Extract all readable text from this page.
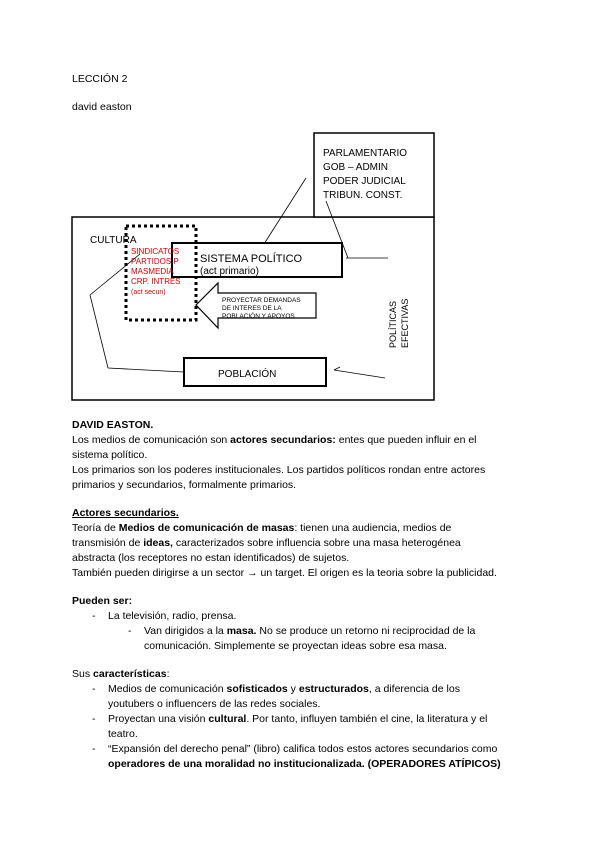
LECCIÓN 2
david easton
PARLAMENTARIO
GOB – ADMIN
PODER JUDICIAL
TRIBUN. CONST.
CULTURA
SISTEMA POLÍTICO
(act primario)
SINDICATOS
PARTIDOS P
MASMEDIA
CRP. INTRES
(act secun)
PROYECTAR DEMANDAS
DE INTERES DE LA
POBLACIÓN Y APOYOS	POLÍTICAS EFECTIVAS
POBLACIÓN
DAVID EASTON.
Los medios de comunicación son actores secundarios: entes que pueden influir en el
sistema político.
Los primarios son los poderes institucionales. Los partidos políticos rondan entre actores
primarios y secundarios, formalmente primarios.
Actores secundarios.
Teoría de Medios de comunicación de masas: tienen una audiencia, medios de
transmisión de ideas, caracterizados sobre influencia sobre una masa heterogénea
abstracta (los receptores no estan identificados) de sujetos.
También pueden dirigirse a un sector → un target. El origen es la teoria sobre la publicidad.
Pueden ser:
- La televisión, radio, prensa.
- Van dirigidos a la masa. No se produce un retorno ni reciprocidad de la
comunicación. Simplemente se proyectan ideas sobre esa masa.
Sus características:
- Medios de comunicación sofisticados y estructurados, a diferencia de los
youtubers o influencers de las redes sociales.
- Proyectan una visión cultural. Por tanto, influyen también el cine, la literatura y el
teatro.
- “Expansión del derecho penal” (libro) califica todos estos actores secundarios como
operadores de una moralidad no institucionalizada. (OPERADORES ATÍPICOS)
